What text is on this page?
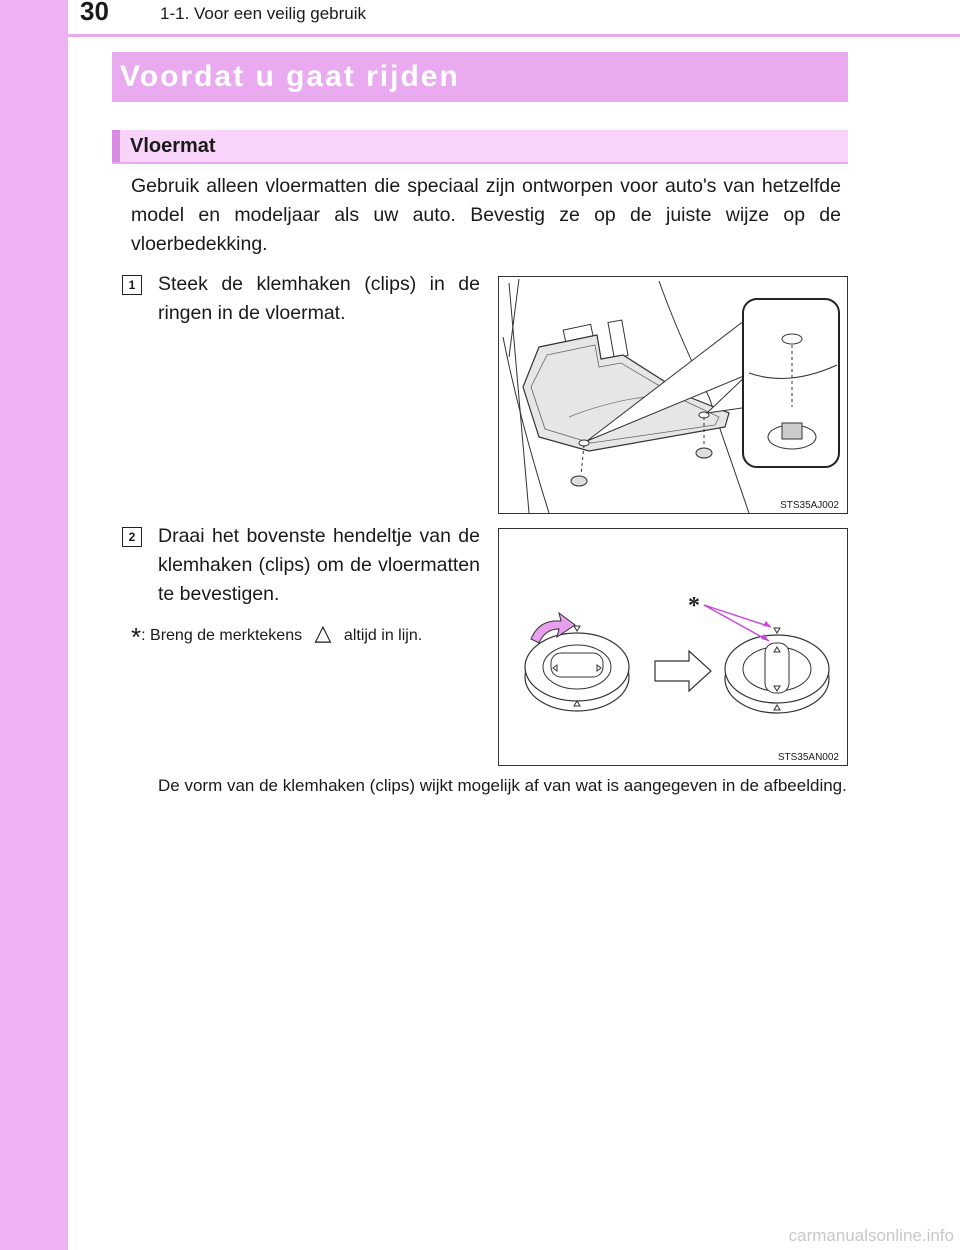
30	1-1. Voor een veilig gebruik
Voordat u gaat rijden
Vloermat
Gebruik alleen vloermatten die speciaal zijn ontworpen voor auto's van hetzelfde model en modeljaar als uw auto. Bevestig ze op de juiste wijze op de vloerbedekking.
1	Steek de klemhaken (clips) in de ringen in de vloermat.
STS35AJ002
2	Draai het bovenste hendeltje van de klemhaken (clips) om de vloermatten te bevestigen.
*: Breng de merktekens △ altijd in lijn.
*
STS35AN002
De vorm van de klemhaken (clips) wijkt mogelijk af van wat is aangegeven in de afbeelding.
carmanualsonline.info
